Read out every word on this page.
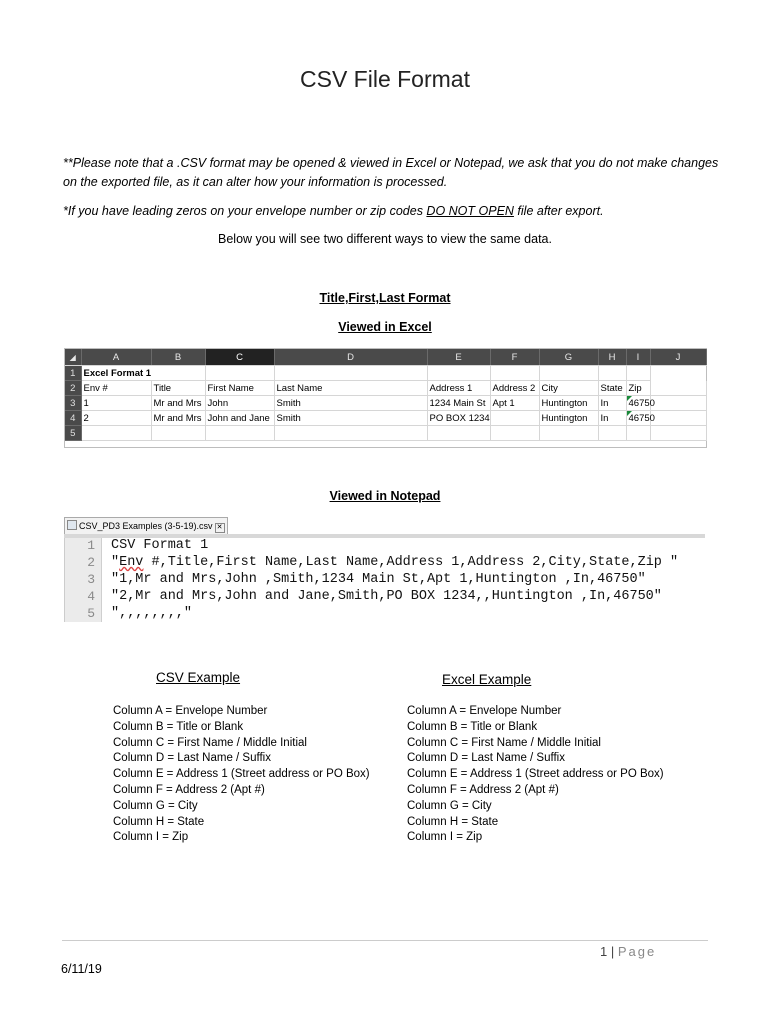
CSV File Format
**Please note that a .CSV format may be opened & viewed in Excel or Notepad, we ask that you do not make changes on the exported file, as it can alter how your information is processed.
*If you have leading zeros on your envelope number or zip codes DO NOT OPEN file after export.
Below you will see two different ways to view the same data.
Title,First,Last Format
Viewed in Excel
◢	A	B	C	D	E	F	G	H	I	J
1	Excel Format 1									
2	Env #	Title	First Name	Last Name	Address 1	Address 2	City	State	Zip	
3	1	Mr and Mrs	John	Smith	1234 Main St	Apt 1	Huntington	In	46750	
4	2	Mr and Mrs	John and Jane	Smith	PO BOX 1234		Huntington	In	46750	
5										
Viewed in Notepad
CSV_PD3 Examples (3-5-19).csv ✕
1
2
3
4
5
CSV Format 1
"Env #,Title,First Name,Last Name,Address 1,Address 2,City,State,Zip "
"1,Mr and Mrs,John ,Smith,1234 Main St,Apt 1,Huntington ,In,46750"
"2,Mr and Mrs,John and Jane,Smith,PO BOX 1234,,Huntington ,In,46750"
",,,,,,,,"
CSV Example
Column A = Envelope Number
Column B = Title or Blank
Column C = First Name / Middle Initial
Column D = Last Name / Suffix
Column E = Address 1 (Street address or PO Box)
Column F = Address 2 (Apt #)
Column G = City
Column H = State
Column I = Zip
Excel Example
Column A = Envelope Number
Column B = Title or Blank
Column C = First Name / Middle Initial
Column D = Last Name / Suffix
Column E = Address 1 (Street address or PO Box)
Column F = Address 2 (Apt #)
Column G = City
Column H = State
Column I = Zip
1 | Page
6/11/19
